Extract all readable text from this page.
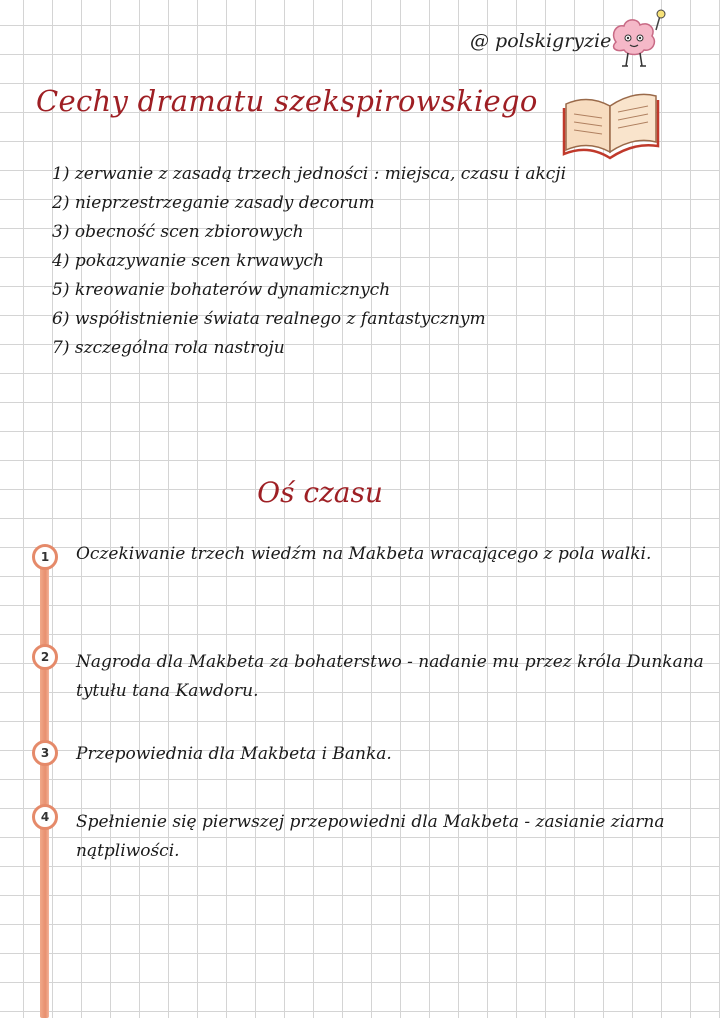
@ polskigryzie
Cechy dramatu szekspirowskiego
1) zerwanie z zasadą trzech jedności : miejsca, czasu i akcji
2) nieprzestrzeganie zasady decorum
3) obecność scen zbiorowych
4) pokazywanie scen krwawych
5) kreowanie bohaterów dynamicznych
6) współistnienie świata realnego z fantastycznym
7) szczególna rola nastroju
Oś czasu
1	Oczekiwanie trzech wiedźm na Makbeta wracającego z pola walki.
2	Nagroda dla Makbeta za bohaterstwo - nadanie mu przez króla Dunkana tytułu tana Kawdoru.
3	Przepowiednia dla Makbeta i Banka.
4	Spełnienie się pierwszej przepowiedni dla Makbeta - zasianie ziarna nątpliwości.
